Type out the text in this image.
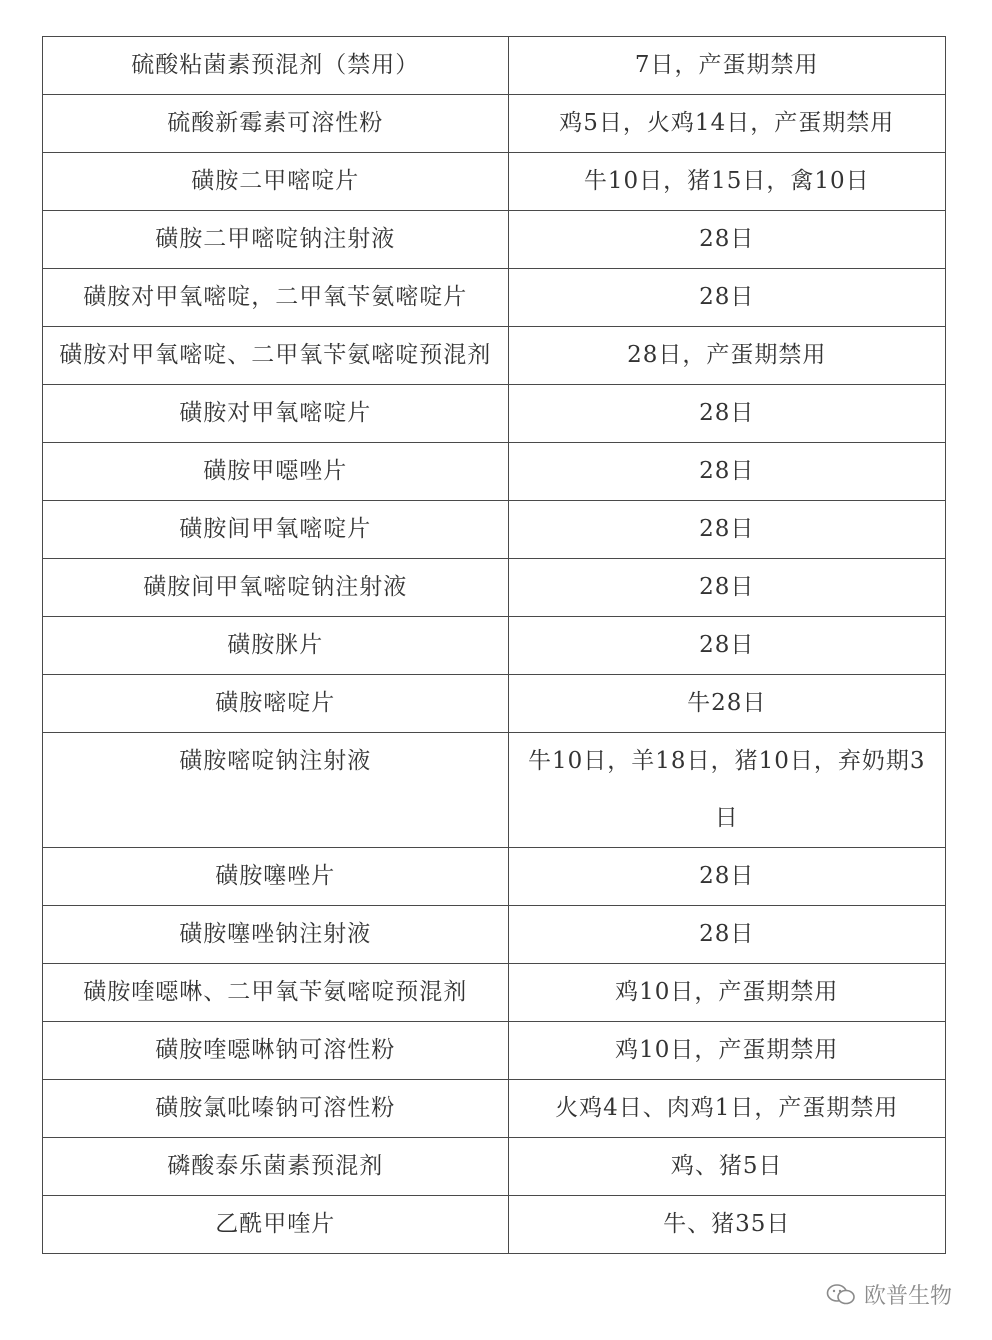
硫酸粘菌素预混剂（禁用）	7日，产蛋期禁用
硫酸新霉素可溶性粉	鸡5日，火鸡14日，产蛋期禁用
磺胺二甲嘧啶片	牛10日，猪15日，禽10日
磺胺二甲嘧啶钠注射液	28日
磺胺对甲氧嘧啶，二甲氧苄氨嘧啶片	28日
磺胺对甲氧嘧啶、二甲氧苄氨嘧啶预混剂	28日，产蛋期禁用
磺胺对甲氧嘧啶片	28日
磺胺甲噁唑片	28日
磺胺间甲氧嘧啶片	28日
磺胺间甲氧嘧啶钠注射液	28日
磺胺脒片	28日
磺胺嘧啶片	牛28日
磺胺嘧啶钠注射液	牛10日，羊18日，猪10日，弃奶期3日
磺胺噻唑片	28日
磺胺噻唑钠注射液	28日
磺胺喹噁啉、二甲氧苄氨嘧啶预混剂	鸡10日，产蛋期禁用
磺胺喹噁啉钠可溶性粉	鸡10日，产蛋期禁用
磺胺氯吡嗪钠可溶性粉	火鸡4日、肉鸡1日，产蛋期禁用
磷酸泰乐菌素预混剂	鸡、猪5日
乙酰甲喹片	牛、猪35日
欧普生物
